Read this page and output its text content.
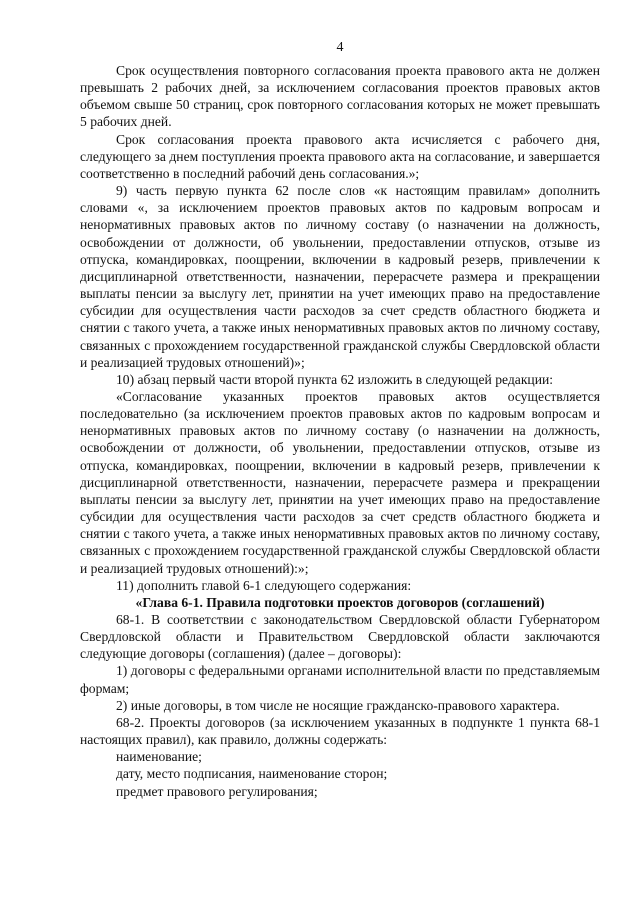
4

Срок осуществления повторного согласования проекта правового акта не должен превышать 2 рабочих дней, за исключением согласования проектов правовых актов объемом свыше 50 страниц, срок повторного согласования которых не может превышать 5 рабочих дней.

Срок согласования проекта правового акта исчисляется с рабочего дня, следующего за днем поступления проекта правового акта на согласование, и завершается соответственно в последний рабочий день согласования.»;

9) часть первую пункта 62 после слов «к настоящим правилам» дополнить словами «, за исключением проектов правовых актов по кадровым вопросам и ненормативных правовых актов по личному составу (о назначении на должность, освобождении от должности, об увольнении, предоставлении отпусков, отзыве из отпуска, командировках, поощрении, включении в кадровый резерв, привлечении к дисциплинарной ответственности, назначении, перерасчете размера и прекращении выплаты пенсии за выслугу лет, принятии на учет имеющих право на предоставление субсидии для осуществления части расходов за счет средств областного бюджета и снятии с такого учета, а также иных ненормативных правовых актов по личному составу, связанных с прохождением государственной гражданской службы Свердловской области и реализацией трудовых отношений)»;

10) абзац первый части второй пункта 62 изложить в следующей редакции:

«Согласование указанных проектов правовых актов осуществляется последовательно (за исключением проектов правовых актов по кадровым вопросам и ненормативных правовых актов по личному составу (о назначении на должность, освобождении от должности, об увольнении, предоставлении отпусков, отзыве из отпуска, командировках, поощрении, включении в кадровый резерв, привлечении к дисциплинарной ответственности, назначении, перерасчете размера и прекращении выплаты пенсии за выслугу лет, принятии на учет имеющих право на предоставление субсидии для осуществления части расходов за счет средств областного бюджета и снятии с такого учета, а также иных ненормативных правовых актов по личному составу, связанных с прохождением государственной гражданской службы Свердловской области и реализацией трудовых отношений):»;

11) дополнить главой 6-1 следующего содержания:

«Глава 6-1. Правила подготовки проектов договоров (соглашений)

68-1. В соответствии с законодательством Свердловской области Губернатором Свердловской области и Правительством Свердловской области заключаются следующие договоры (соглашения) (далее – договоры):

1) договоры с федеральными органами исполнительной власти по представляемым формам;

2) иные договоры, в том числе не носящие гражданско-правового характера.

68-2. Проекты договоров (за исключением указанных в подпункте 1 пункта 68-1 настоящих правил), как правило, должны содержать:

наименование;

дату, место подписания, наименование сторон;

предмет правового регулирования;
